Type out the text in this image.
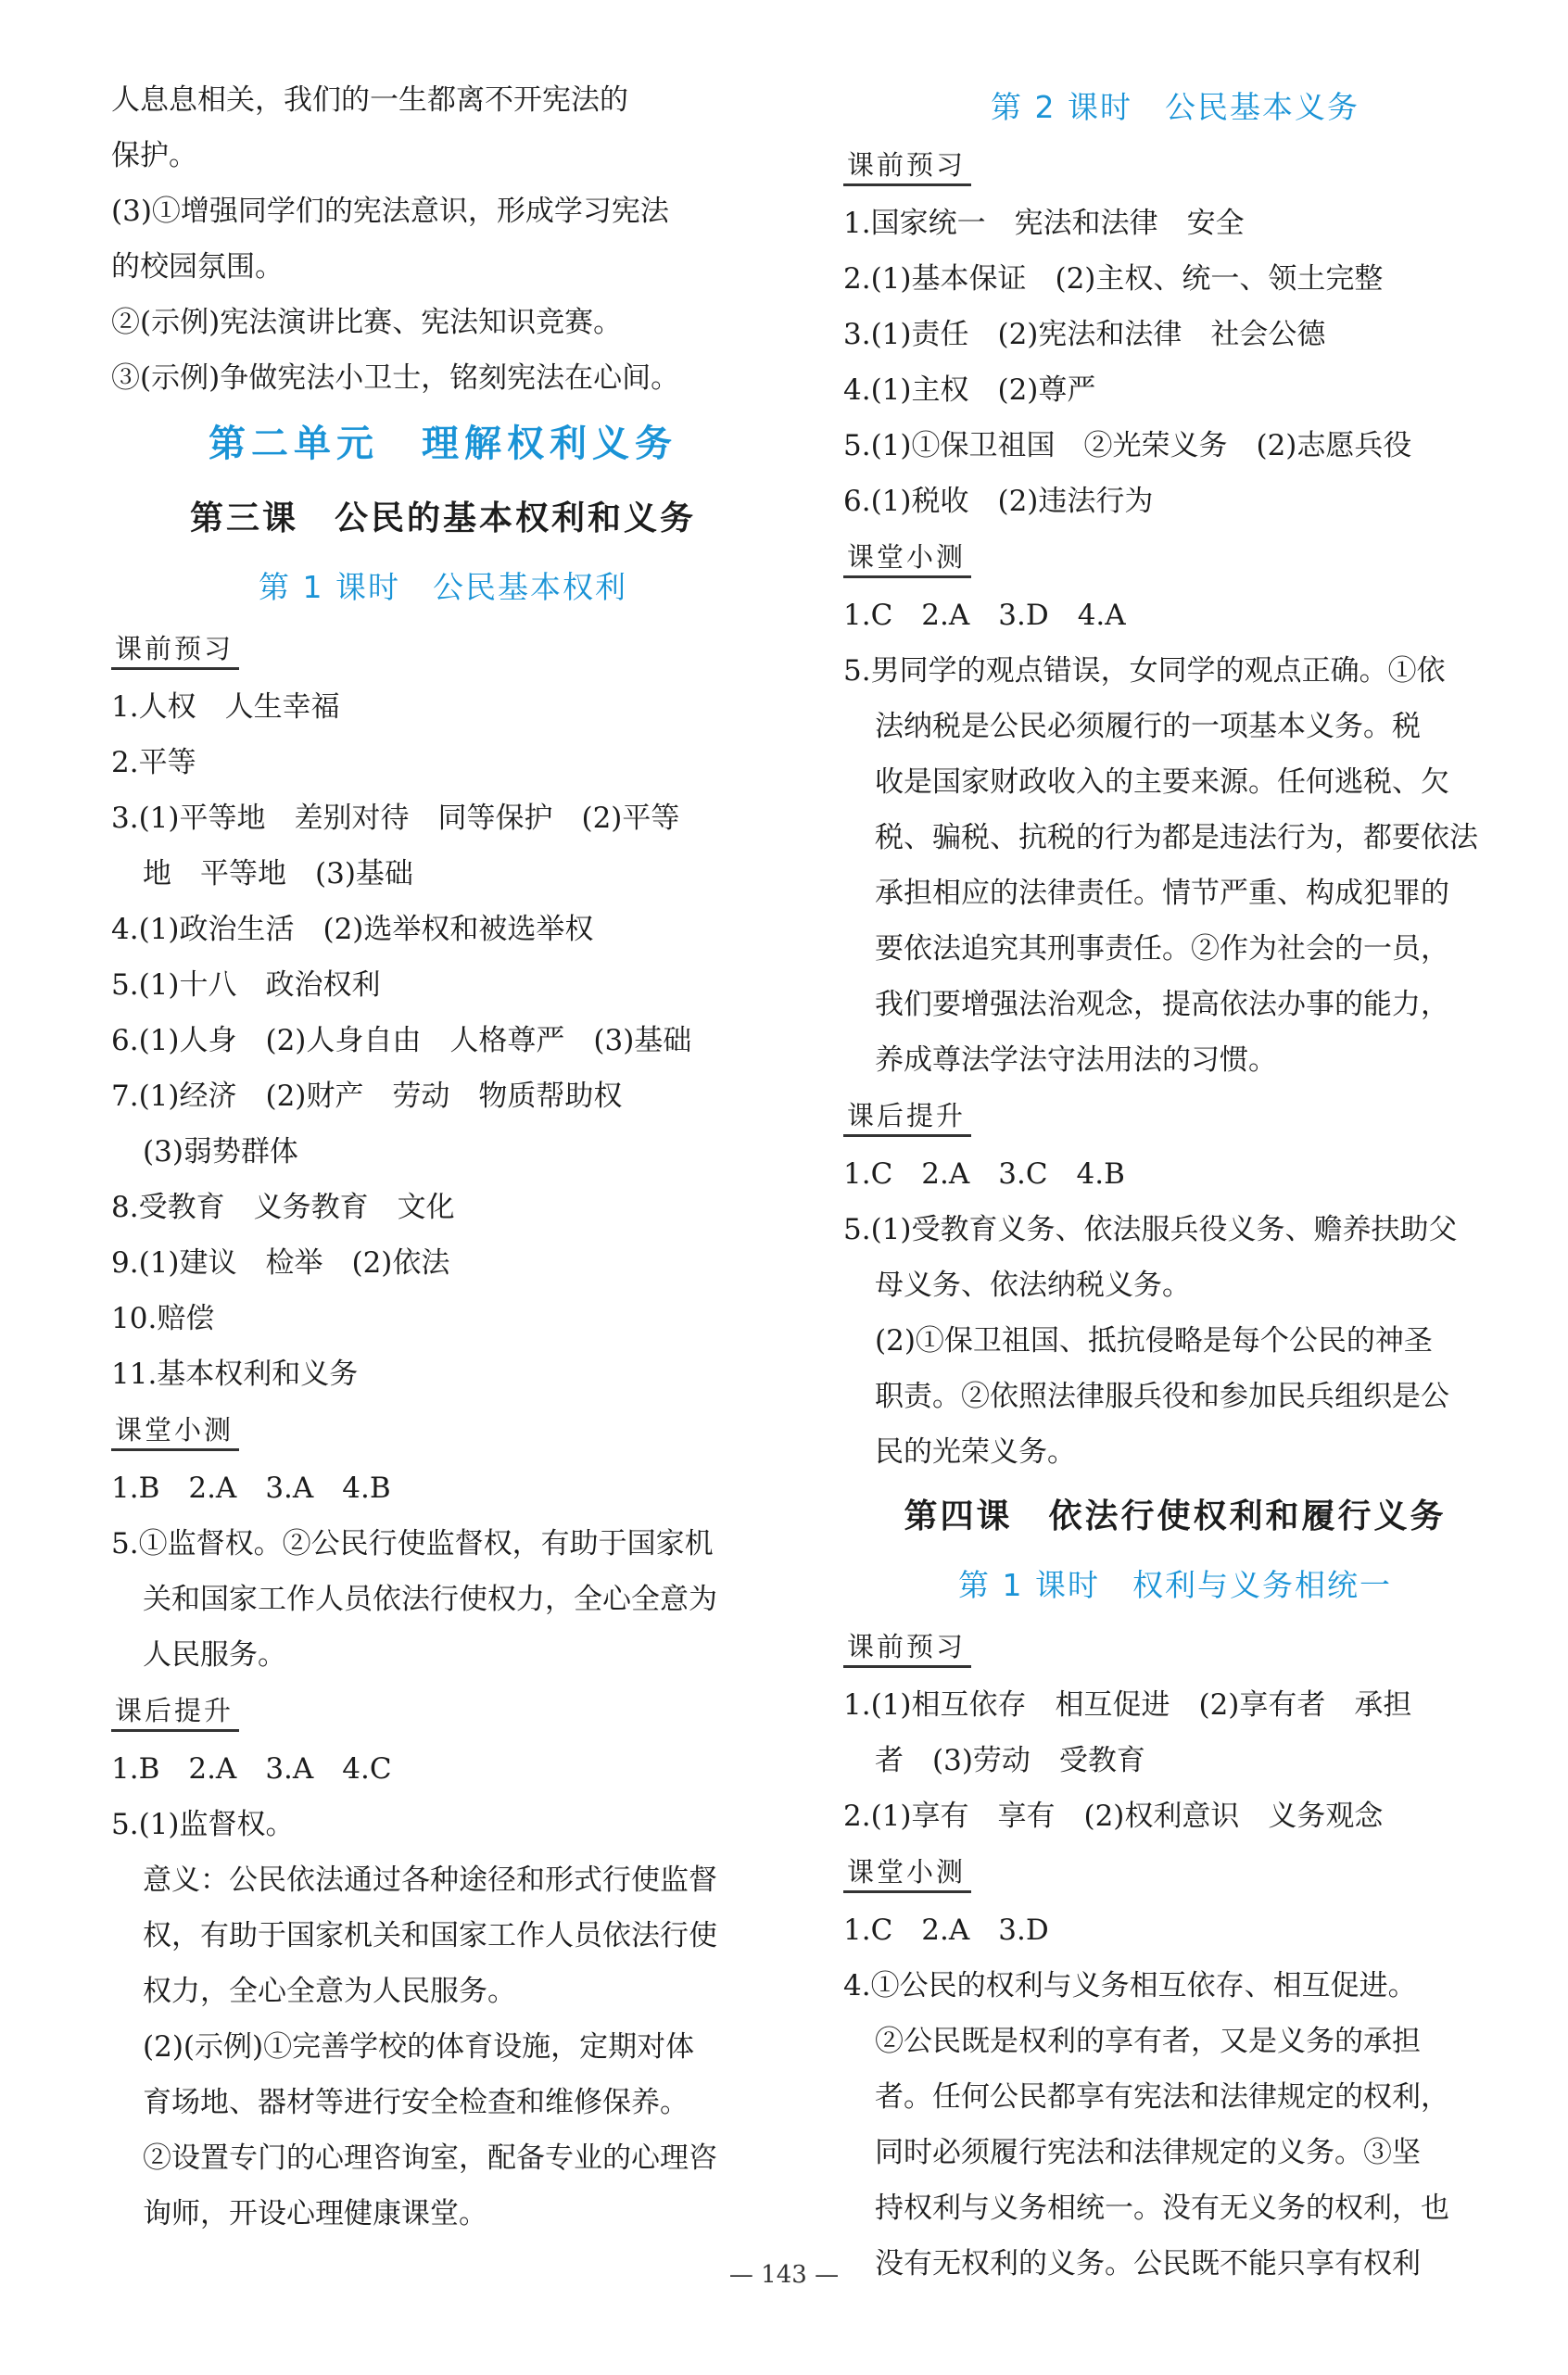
人息息相关，我们的一生都离不开宪法的
保护。
(3)①增强同学们的宪法意识，形成学习宪法
的校园氛围。
②(示例)宪法演讲比赛、宪法知识竞赛。
③(示例)争做宪法小卫士，铭刻宪法在心间。
第二单元　理解权利义务
第三课　公民的基本权利和义务
第 1 课时　公民基本权利
课前预习
1.人权　人生幸福
2.平等
3.(1)平等地　差别对待　同等保护　(2)平等
地　平等地　(3)基础
4.(1)政治生活　(2)选举权和被选举权
5.(1)十八　政治权利
6.(1)人身　(2)人身自由　人格尊严　(3)基础
7.(1)经济　(2)财产　劳动　物质帮助权
(3)弱势群体
8.受教育　义务教育　文化
9.(1)建议　检举　(2)依法
10.赔偿
11.基本权利和义务
课堂小测
1.B　2.A　3.A　4.B
5.①监督权。②公民行使监督权，有助于国家机
关和国家工作人员依法行使权力，全心全意为
人民服务。
课后提升
1.B　2.A　3.A　4.C
5.(1)监督权。
意义：公民依法通过各种途径和形式行使监督
权，有助于国家机关和国家工作人员依法行使
权力，全心全意为人民服务。
(2)(示例)①完善学校的体育设施，定期对体
育场地、器材等进行安全检查和维修保养。
②设置专门的心理咨询室，配备专业的心理咨
询师，开设心理健康课堂。
第 2 课时　公民基本义务
课前预习
1.国家统一　宪法和法律　安全
2.(1)基本保证　(2)主权、统一、领土完整
3.(1)责任　(2)宪法和法律　社会公德
4.(1)主权　(2)尊严
5.(1)①保卫祖国　②光荣义务　(2)志愿兵役
6.(1)税收　(2)违法行为
课堂小测
1.C　2.A　3.D　4.A
5.男同学的观点错误，女同学的观点正确。①依
法纳税是公民必须履行的一项基本义务。税
收是国家财政收入的主要来源。任何逃税、欠
税、骗税、抗税的行为都是违法行为，都要依法
承担相应的法律责任。情节严重、构成犯罪的
要依法追究其刑事责任。②作为社会的一员，
我们要增强法治观念，提高依法办事的能力，
养成尊法学法守法用法的习惯。
课后提升
1.C　2.A　3.C　4.B
5.(1)受教育义务、依法服兵役义务、赡养扶助父
母义务、依法纳税义务。
(2)①保卫祖国、抵抗侵略是每个公民的神圣
职责。②依照法律服兵役和参加民兵组织是公
民的光荣义务。
第四课　依法行使权利和履行义务
第 1 课时　权利与义务相统一
课前预习
1.(1)相互依存　相互促进　(2)享有者　承担
者　(3)劳动　受教育
2.(1)享有　享有　(2)权利意识　义务观念
课堂小测
1.C　2.A　3.D
4.①公民的权利与义务相互依存、相互促进。
②公民既是权利的享有者，又是义务的承担
者。任何公民都享有宪法和法律规定的权利，
同时必须履行宪法和法律规定的义务。③坚
持权利与义务相统一。没有无义务的权利，也
没有无权利的义务。公民既不能只享有权利
— 143 —
